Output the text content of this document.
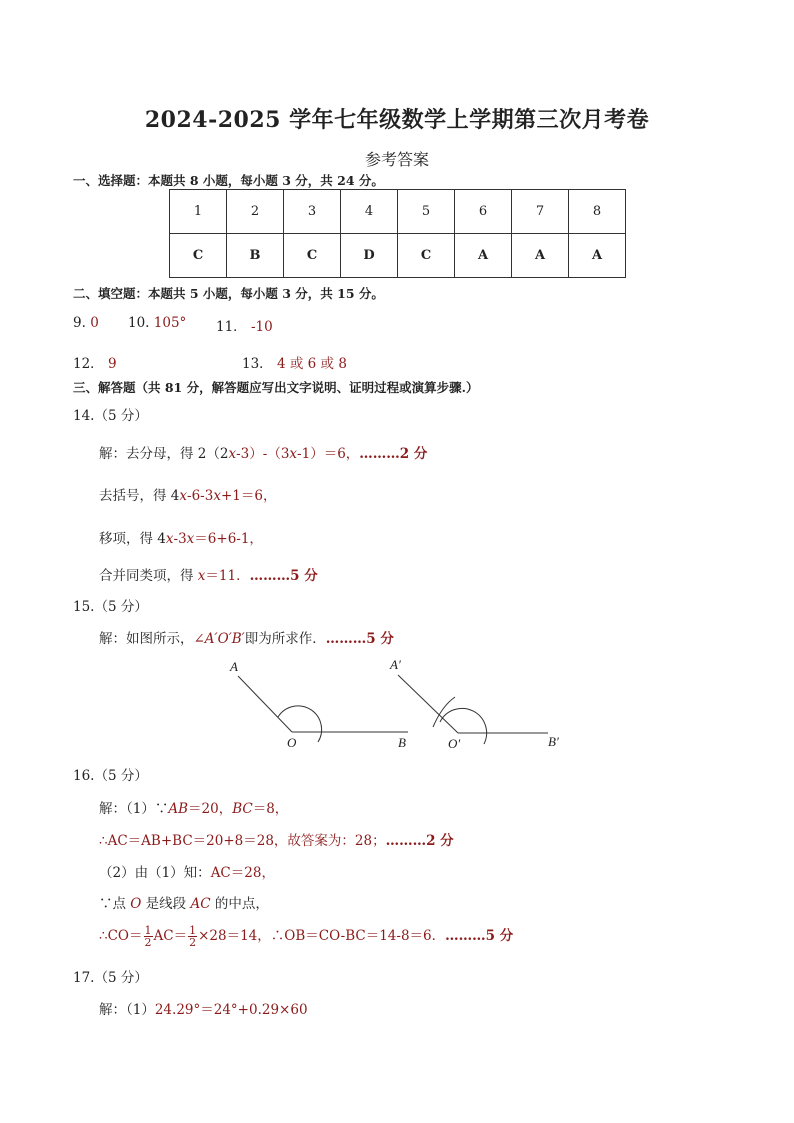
2024-2025 学年七年级数学上学期第三次月考卷
参考答案
一、选择题：本题共 8 小题，每小题 3 分，共 24 分。
1	2	3	4	5	6	7	8
C	B	C	D	C	A	A	A
二、填空题：本题共 5 小题，每小题 3 分，共 15 分。
9. 0 10. 105° 11． -10
12． 9	13． 4 或 6 或 8
三、解答题（共 81 分，解答题应写出文字说明、证明过程或演算步骤.）
14.（5 分）
解：去分母，得 2（2x-3）-（3x-1）＝6，………2 分
去括号，得 4x-6-3x+1＝6，
移项，得 4x-3x＝6+6-1，
合并同类项，得 x＝11．………5 分
15.（5 分）
解：如图所示，∠A′O′B′即为所求作．………5 分
A
O	B
A′
O′	B′
16.（5 分）
解：（1）∵AB＝20，BC＝8，
∴AC＝AB+BC＝20+8＝28，故答案为：28；………2 分
（2）由（1）知：AC＝28，
∵点 O 是线段 AC 的中点，
∴CO＝ $\frac{1}{2} AC= \frac{1}{2} \times 28=14$，∴OB＝CO-BC＝14-8＝6．………5 分
17.（5 分）
解：（1）24.29°＝24°+0.29×60
